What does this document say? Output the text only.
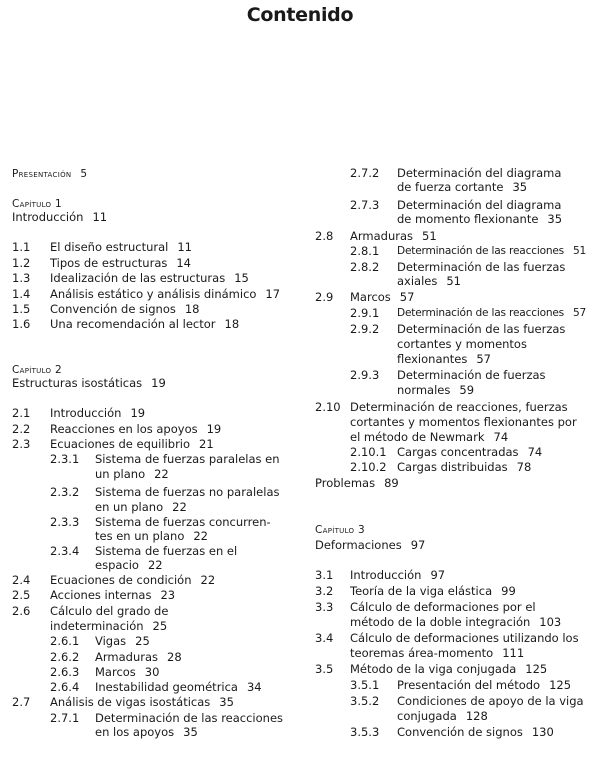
Contenido
Presentación 5
Capítulo 1
Introducción 11
1.1 El diseño estructural 11
1.2 Tipos de estructuras 14
1.3 Idealización de las estructuras 15
1.4 Análisis estático y análisis dinámico 17
1.5 Convención de signos 18
1.6 Una recomendación al lector 18
Capítulo 2
Estructuras isostáticas 19
2.1 Introducción 19
2.2 Reacciones en los apoyos 19
2.3 Ecuaciones de equilibrio 21
2.3.1 Sistema de fuerzas paralelas en
un plano 22
2.3.2 Sistema de fuerzas no paralelas
en un plano 22
2.3.3 Sistema de fuerzas concurren-
tes en un plano 22
2.3.4 Sistema de fuerzas en el
espacio 22
2.4 Ecuaciones de condición 22
2.5 Acciones internas 23
2.6 Cálculo del grado de
indeterminación 25
2.6.1 Vigas 25
2.6.2 Armaduras 28
2.6.3 Marcos 30
2.6.4 Inestabilidad geométrica 34
2.7 Análisis de vigas isostáticas 35
2.7.1 Determinación de las reacciones
en los apoyos 35
2.7.2 Determinación del diagrama
de fuerza cortante 35
2.7.3 Determinación del diagrama
de momento flexionante 35
2.8 Armaduras 51
2.8.1 Determinación de las reacciones 51
2.8.2 Determinación de las fuerzas
axiales 51
2.9 Marcos 57
2.9.1 Determinación de las reacciones 57
2.9.2 Determinación de las fuerzas
cortantes y momentos
flexionantes 57
2.9.3 Determinación de fuerzas
normales 59
2.10 Determinación de reacciones, fuerzas
cortantes y momentos flexionantes por
el método de Newmark 74
2.10.1 Cargas concentradas 74
2.10.2 Cargas distribuidas 78
Problemas 89
Capítulo 3
Deformaciones 97
3.1 Introducción 97
3.2 Teoría de la viga elástica 99
3.3 Cálculo de deformaciones por el
método de la doble integración 103
3.4 Cálculo de deformaciones utilizando los
teoremas área-momento 111
3.5 Método de la viga conjugada 125
3.5.1 Presentación del método 125
3.5.2 Condiciones de apoyo de la viga
conjugada 128
3.5.3 Convención de signos 130
